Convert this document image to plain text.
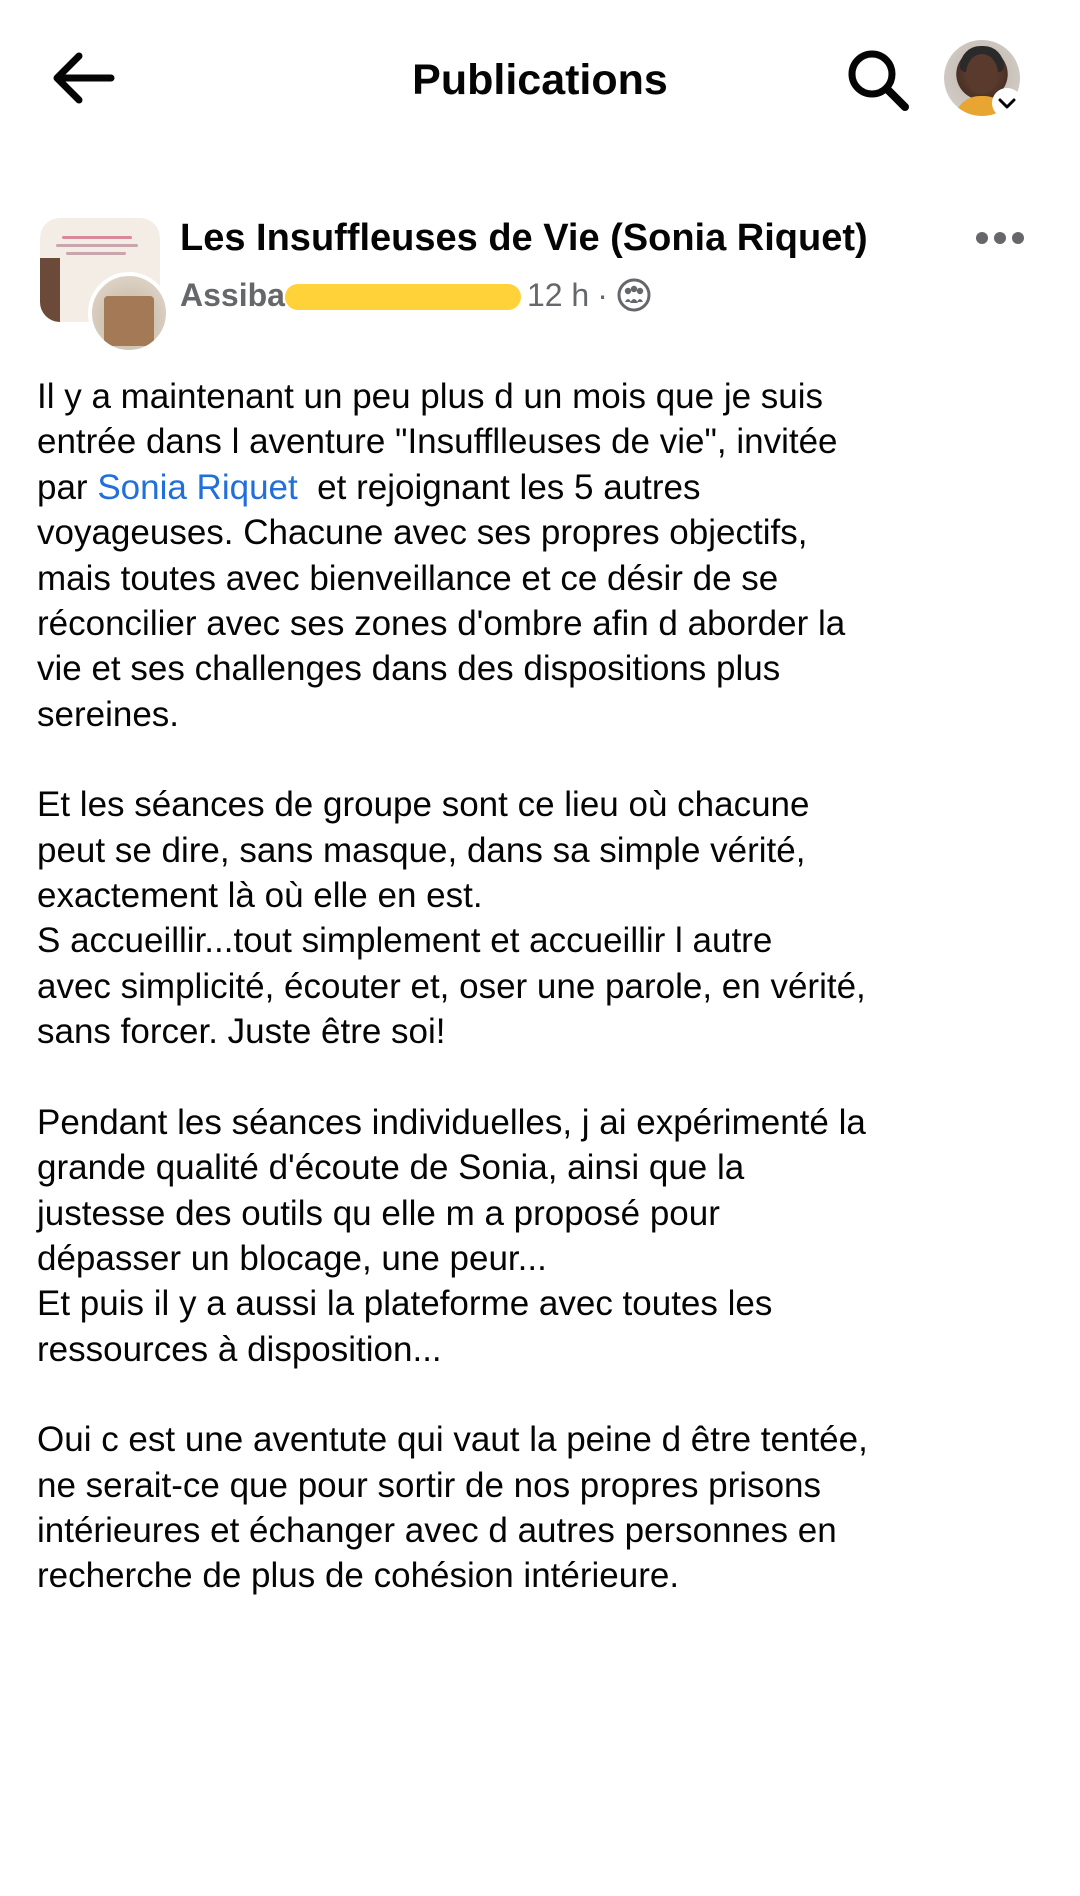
Publications
Les Insuffleuses de Vie (Sonia Riquet)
Assiba	12 h ·
Il y a maintenant un peu plus d un mois que je suis
entrée dans l aventure "Insufflleuses de vie", invitée
par Sonia Riquet  et rejoignant les 5 autres
voyageuses. Chacune avec ses propres objectifs,
mais toutes avec bienveillance et ce désir de se
réconcilier avec ses zones d'ombre afin d aborder la
vie et ses challenges dans des dispositions plus
sereines.
Et les séances de groupe sont ce lieu où chacune
peut se dire, sans masque, dans sa simple vérité,
exactement là où elle en est.
S accueillir...tout simplement et accueillir l autre
avec simplicité, écouter et, oser une parole, en vérité,
sans forcer. Juste être soi!
Pendant les séances individuelles, j ai expérimenté la
grande qualité d'écoute de Sonia, ainsi que la
justesse des outils qu elle m a proposé pour
dépasser un blocage, une peur...
Et puis il y a aussi la plateforme avec toutes les
ressources à disposition...
Oui c est une aventute qui vaut la peine d être tentée,
ne serait-ce que pour sortir de nos propres prisons
intérieures et échanger avec d autres personnes en
recherche de plus de cohésion intérieure.
